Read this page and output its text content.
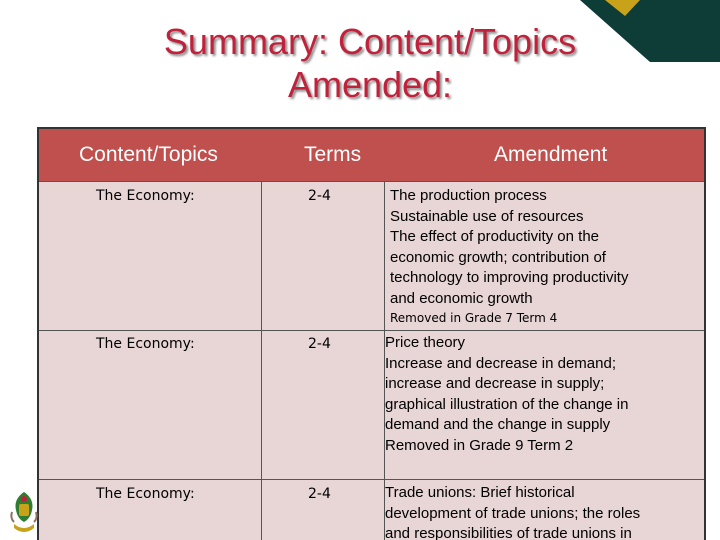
Summary: Content/Topics
Amended:
Content/Topics	Terms	Amendment
The Economy:	2-4	The production process
Sustainable use of resources
The effect of productivity on the
economic growth; contribution of
technology to improving productivity
and economic growth
Removed in Grade 7 Term 4
The Economy:	2-4	Price theory
Increase and decrease in demand;
increase and decrease in supply;
graphical illustration of the change in
demand and the change in supply
Removed in Grade 9 Term 2
The Economy:	2-4	Trade unions: Brief historical
development of trade unions; the roles
and responsibilities of trade unions in
